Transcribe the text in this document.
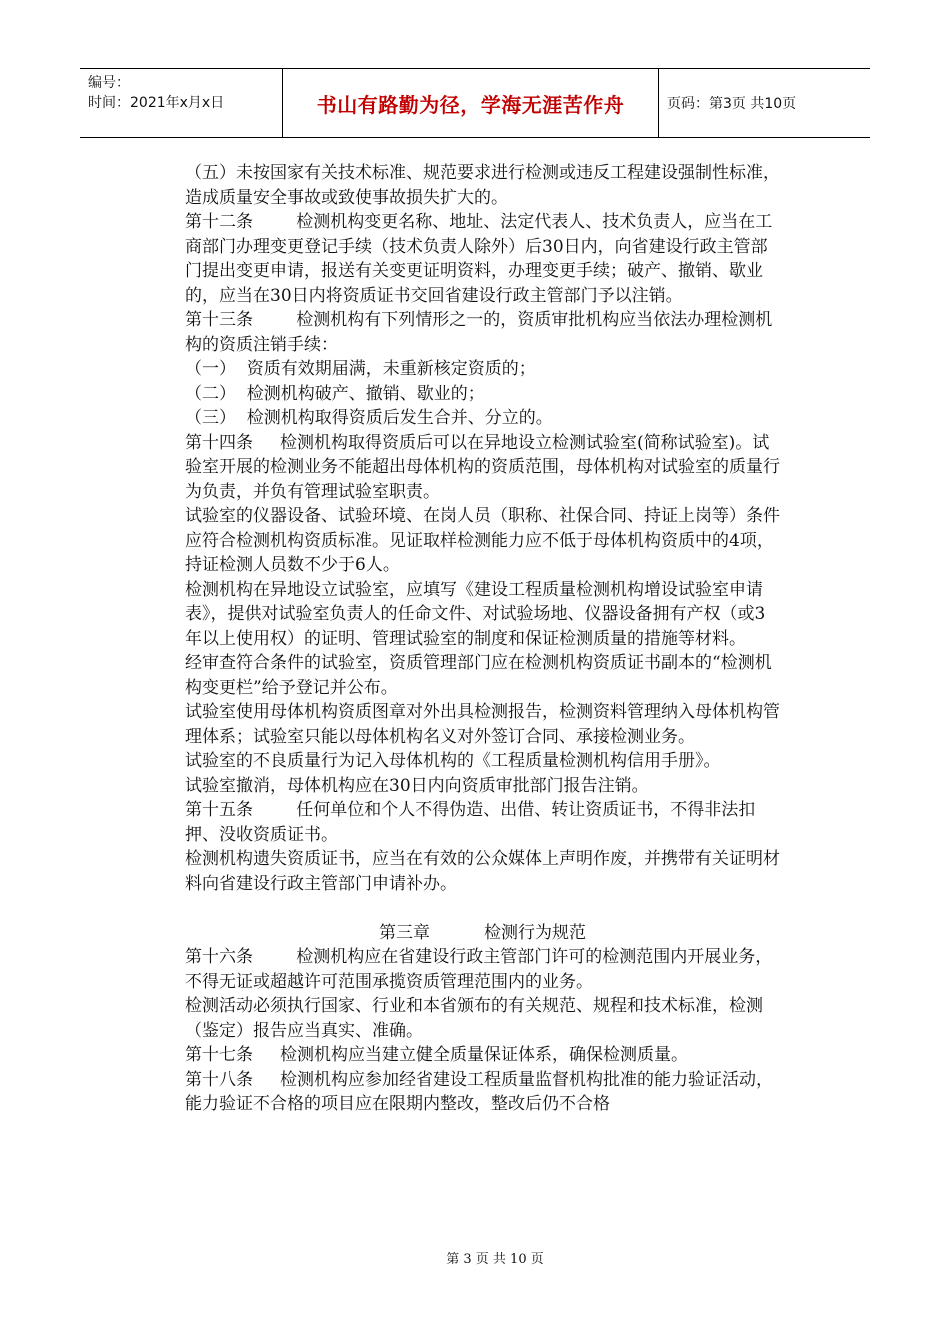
编号：
时间：2021年x月x日	书山有路勤为径，学海无涯苦作舟	页码：第3页 共10页

（五）未按国家有关技术标准、规范要求进行检测或违反工程建设强制性标准，造成质量安全事故或致使事故损失扩大的。

第十二条        检测机构变更名称、地址、法定代表人、技术负责人，应当在工商部门办理变更登记手续（技术负责人除外）后30日内，向省建设行政主管部门提出变更申请，报送有关变更证明资料，办理变更手续；破产、撤销、歇业的，应当在30日内将资质证书交回省建设行政主管部门予以注销。

第十三条        检测机构有下列情形之一的，资质审批机构应当依法办理检测机构的资质注销手续：

（一）  资质有效期届满，未重新核定资质的；

（二）  检测机构破产、撤销、歇业的；

（三）  检测机构取得资质后发生合并、分立的。

第十四条     检测机构取得资质后可以在异地设立检测试验室(简称试验室)。试验室开展的检测业务不能超出母体机构的资质范围，母体机构对试验室的质量行为负责，并负有管理试验室职责。

试验室的仪器设备、试验环境、在岗人员（职称、社保合同、持证上岗等）条件应符合检测机构资质标准。见证取样检测能力应不低于母体机构资质中的4项，持证检测人员数不少于6人。

检测机构在异地设立试验室，应填写《建设工程质量检测机构增设试验室申请表》，提供对试验室负责人的任命文件、对试验场地、仪器设备拥有产权（或3年以上使用权）的证明、管理试验室的制度和保证检测质量的措施等材料。

经审查符合条件的试验室，资质管理部门应在检测机构资质证书副本的“检测机构变更栏”给予登记并公布。

试验室使用母体机构资质图章对外出具检测报告，检测资料管理纳入母体机构管理体系；试验室只能以母体机构名义对外签订合同、承接检测业务。

试验室的不良质量行为记入母体机构的《工程质量检测机构信用手册》。

试验室撤消，母体机构应在30日内向资质审批部门报告注销。

第十五条        任何单位和个人不得伪造、出借、转让资质证书，不得非法扣押、没收资质证书。

检测机构遗失资质证书，应当在有效的公众媒体上声明作废，并携带有关证明材料向省建设行政主管部门申请补办。

第三章          检测行为规范

第十六条        检测机构应在省建设行政主管部门许可的检测范围内开展业务，不得无证或超越许可范围承揽资质管理范围内的业务。

检测活动必须执行国家、行业和本省颁布的有关规范、规程和技术标准，检测（鉴定）报告应当真实、准确。

第十七条     检测机构应当建立健全质量保证体系，确保检测质量。

第十八条     检测机构应参加经省建设工程质量监督机构批准的能力验证活动，能力验证不合格的项目应在限期内整改，整改后仍不合格

第 3 页 共 10 页
